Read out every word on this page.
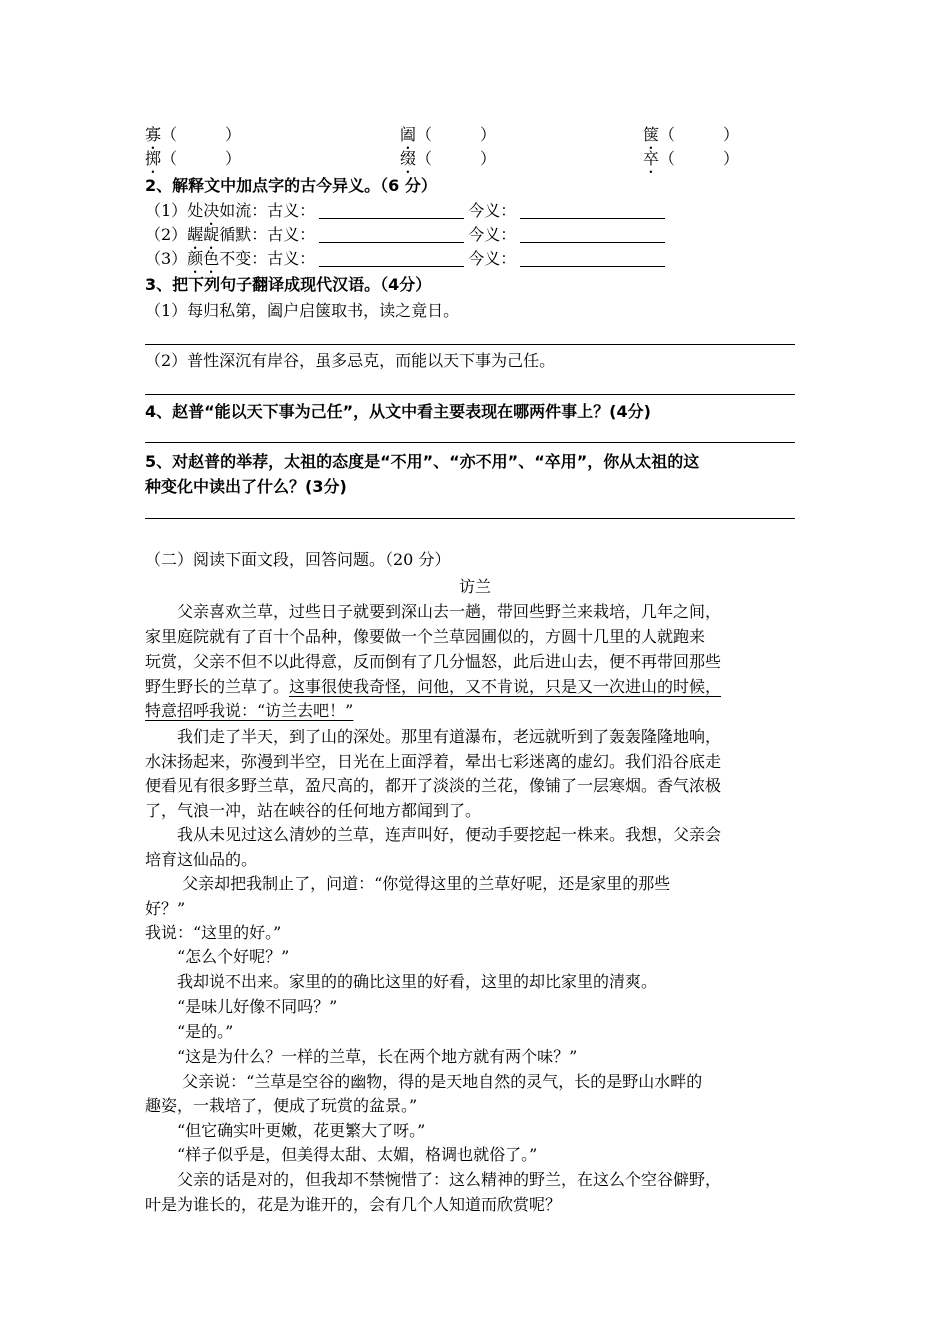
寡（　　　）	阖（　　　）	箧（　　　）
掷（　　　）	缀（　　　）	卒（　　　）
2、解释文中加点字的古今异义。（6 分）
（1）处决如流：古义：	今义：
（2）龌龊循默：古义：	今义：
（3）颜色不变：古义：	今义：
3、把下列句子翻译成现代汉语。（4分）
（1）每归私第，阖户启箧取书，读之竟日。
（2）普性深沉有岸谷，虽多忌克，而能以天下事为己任。
4、赵普“能以天下事为己任”，从文中看主要表现在哪两件事上？(4分)
5、对赵普的举荐，太祖的态度是“不用”、“亦不用”、“卒用”，你从太祖的这
种变化中读出了什么？(3分)
（二）阅读下面文段，回答问题。（20 分）
访兰
　　父亲喜欢兰草，过些日子就要到深山去一趟，带回些野兰来栽培，几年之间，
家里庭院就有了百十个品种，像要做一个兰草园圃似的，方圆十几里的人就跑来
玩赏，父亲不但不以此得意，反而倒有了几分愠怒，此后进山去，便不再带回那些
野生野长的兰草了。这事很使我奇怪，问他，又不肯说，只是又一次进山的时候，
特意招呼我说：“访兰去吧！”
　　我们走了半天，到了山的深处。那里有道瀑布，老远就听到了轰轰隆隆地响，
水沫扬起来，弥漫到半空，日光在上面浮着，晕出七彩迷离的虚幻。我们沿谷底走
便看见有很多野兰草，盈尺高的，都开了淡淡的兰花，像铺了一层寒烟。香气浓极
了，气浪一冲，站在峡谷的任何地方都闻到了。
　　我从未见过这么清妙的兰草，连声叫好，便动手要挖起一株来。我想，父亲会
培育这仙品的。
　　 父亲却把我制止了，问道：“你觉得这里的兰草好呢，还是家里的那些
好？”
我说：“这里的好。”
　　“怎么个好呢？”
　　我却说不出来。家里的的确比这里的好看，这里的却比家里的清爽。
　　“是味儿好像不同吗？”
　　“是的。”
　　“这是为什么？一样的兰草，长在两个地方就有两个味？”
　　 父亲说：“兰草是空谷的幽物，得的是天地自然的灵气，长的是野山水畔的
趣姿，一栽培了，便成了玩赏的盆景。”
　　“但它确实叶更嫩，花更繁大了呀。”
　　“样子似乎是，但美得太甜、太媚，格调也就俗了。”
　　父亲的话是对的，但我却不禁惋惜了：这么精神的野兰，在这么个空谷僻野，
叶是为谁长的，花是为谁开的，会有几个人知道而欣赏呢？
